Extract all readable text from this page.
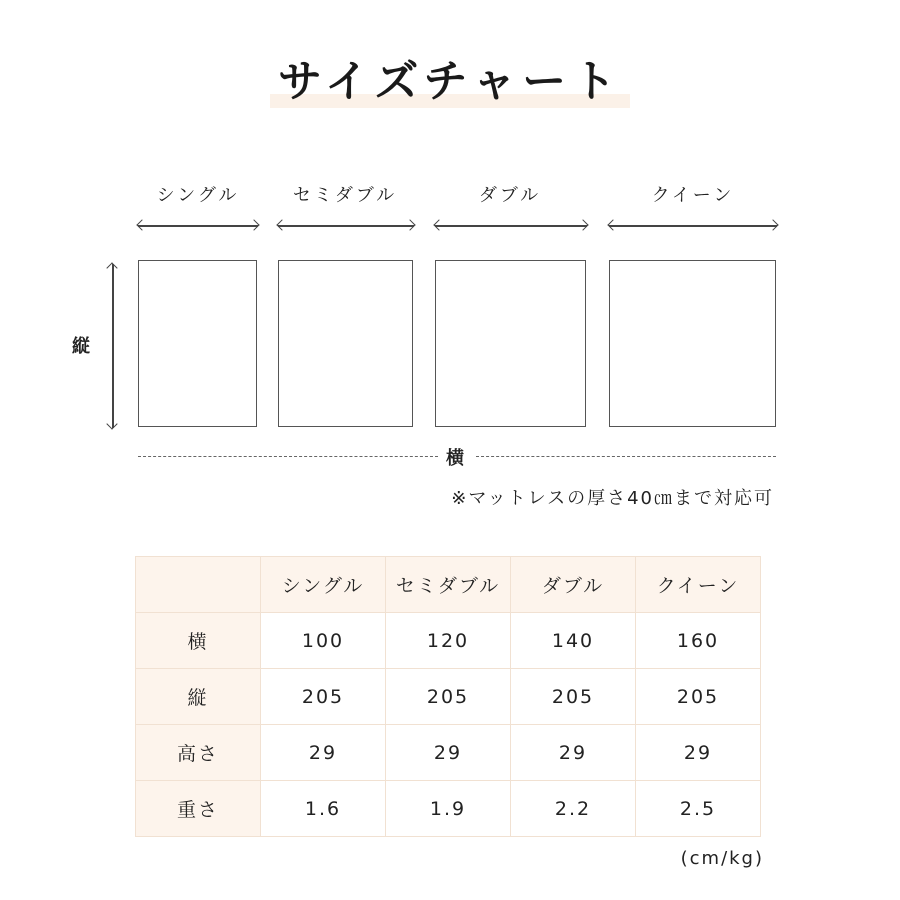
サイズチャート
シングル	セミダブル	ダブル	クイーン
縦
横
※マットレスの厚さ40㎝まで対応可
	シングル	セミダブル	ダブル	クイーン
横	100	120	140	160
縦	205	205	205	205
高さ	29	29	29	29
重さ	1.6	1.9	2.2	2.5
(cm/kg)
